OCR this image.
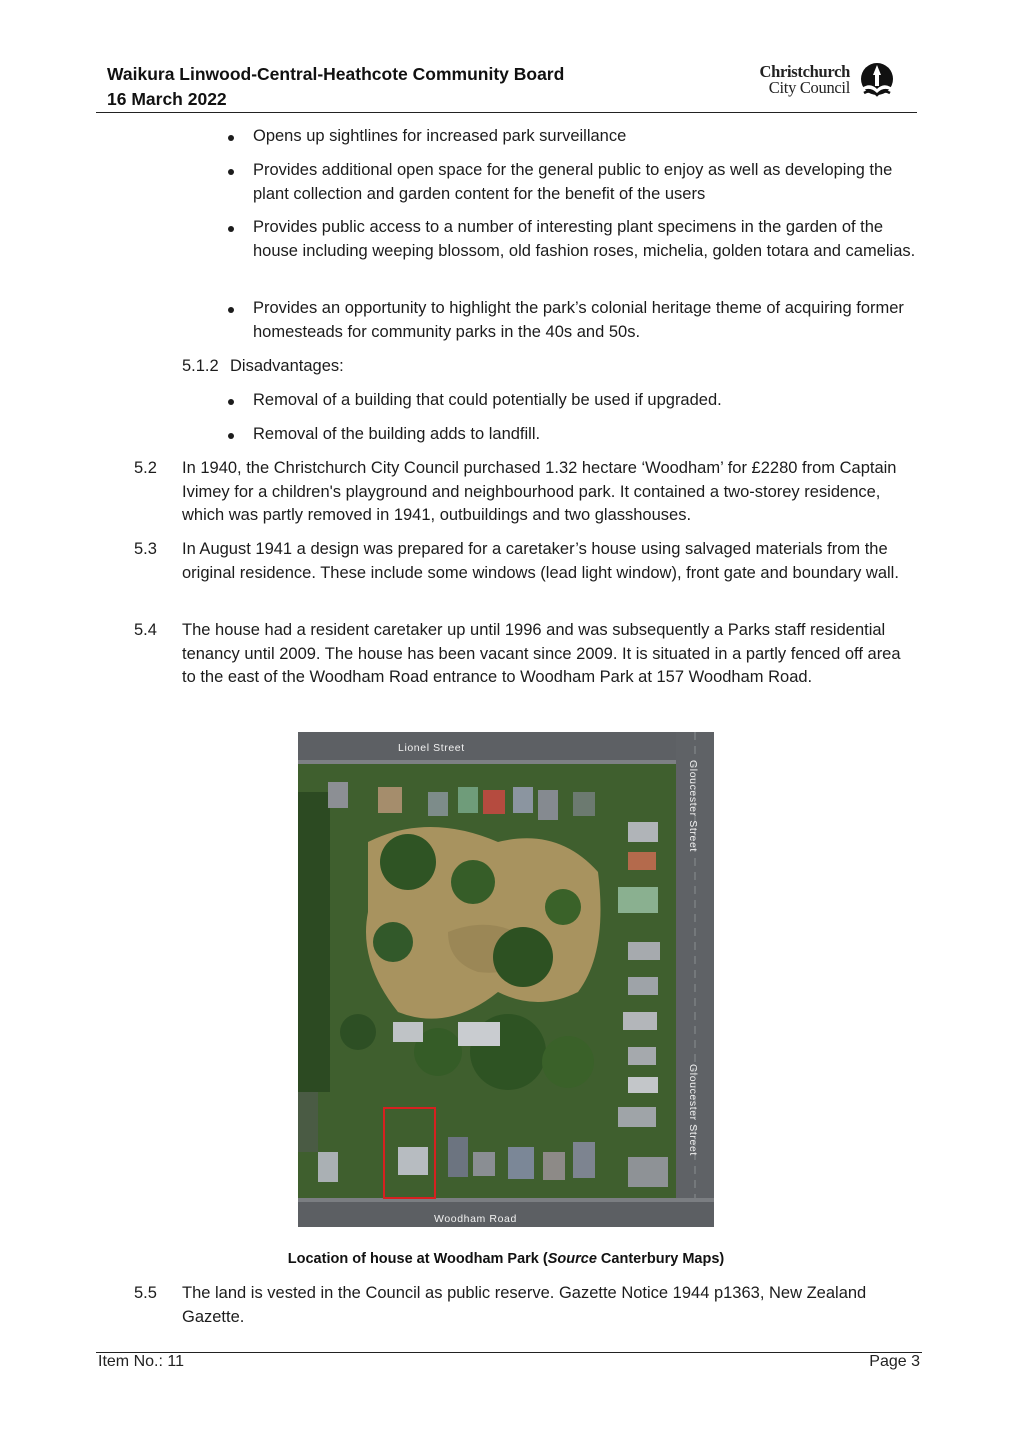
Waikura Linwood-Central-Heathcote Community Board
16 March 2022
Christchurch
City Council
Opens up sightlines for increased park surveillance
Provides additional open space for the general public to enjoy as well as developing the plant collection and garden content for the benefit of the users
Provides public access to a number of interesting plant specimens in the garden of the house including weeping blossom, old fashion roses, michelia, golden totara and camelias.
Provides an opportunity to highlight the park’s colonial heritage theme of acquiring former homesteads for community parks in the 40s and 50s.
5.1.2 Disadvantages:
Removal of a building that could potentially be used if upgraded.
Removal of the building adds to landfill.
5.2 In 1940, the Christchurch City Council purchased 1.32 hectare ‘Woodham’ for £2280 from Captain Ivimey for a children's playground and neighbourhood park. It contained a two-storey residence, which was partly removed in 1941, outbuildings and two glasshouses.
5.3 In August 1941 a design was prepared for a caretaker’s house using salvaged materials from the original residence. These include some windows (lead light window), front gate and boundary wall.
5.4 The house had a resident caretaker up until 1996 and was subsequently a Parks staff residential tenancy until 2009. The house has been vacant since 2009. It is situated in a partly fenced off area to the east of the Woodham Road entrance to Woodham Park at 157 Woodham Road.
Lionel Street
Gloucester Street
Gloucester Street
Woodham Road
Location of house at Woodham Park (Source Canterbury Maps)
5.5 The land is vested in the Council as public reserve. Gazette Notice 1944 p1363, New Zealand Gazette.
Item No.: 11	Page 3
